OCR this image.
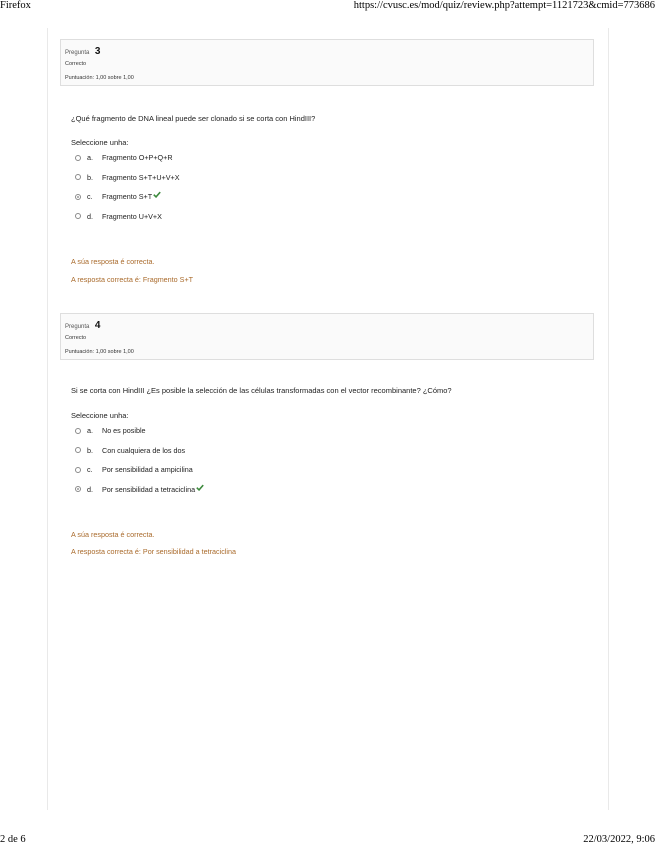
Firefox	https://cvusc.es/mod/quiz/review.php?attempt=1121723&cmid=773686
Pregunta 3
Correcto
Puntuación: 1,00 sobre 1,00
¿Qué fragmento de DNA lineal puede ser clonado si se corta con HindIII?
Seleccione unha:
a.	Fragmento O+P+Q+R
b.	Fragmento S+T+U+V+X
c.	Fragmento S+T
d.	Fragmento U+V+X
A súa resposta é correcta.
A resposta correcta é: Fragmento S+T
Pregunta 4
Correcto
Puntuación: 1,00 sobre 1,00
Si se corta con HindIII ¿Es posible la selección de las células transformadas con el vector recombinante? ¿Cómo?
Seleccione unha:
a.	No es posible
b.	Con cualquiera de los dos
c.	Por sensibilidad a ampicilina
d.	Por sensibilidad a tetraciclina
A súa resposta é correcta.
A resposta correcta é: Por sensibilidad a tetraciclina
2 de 6	22/03/2022, 9:06
